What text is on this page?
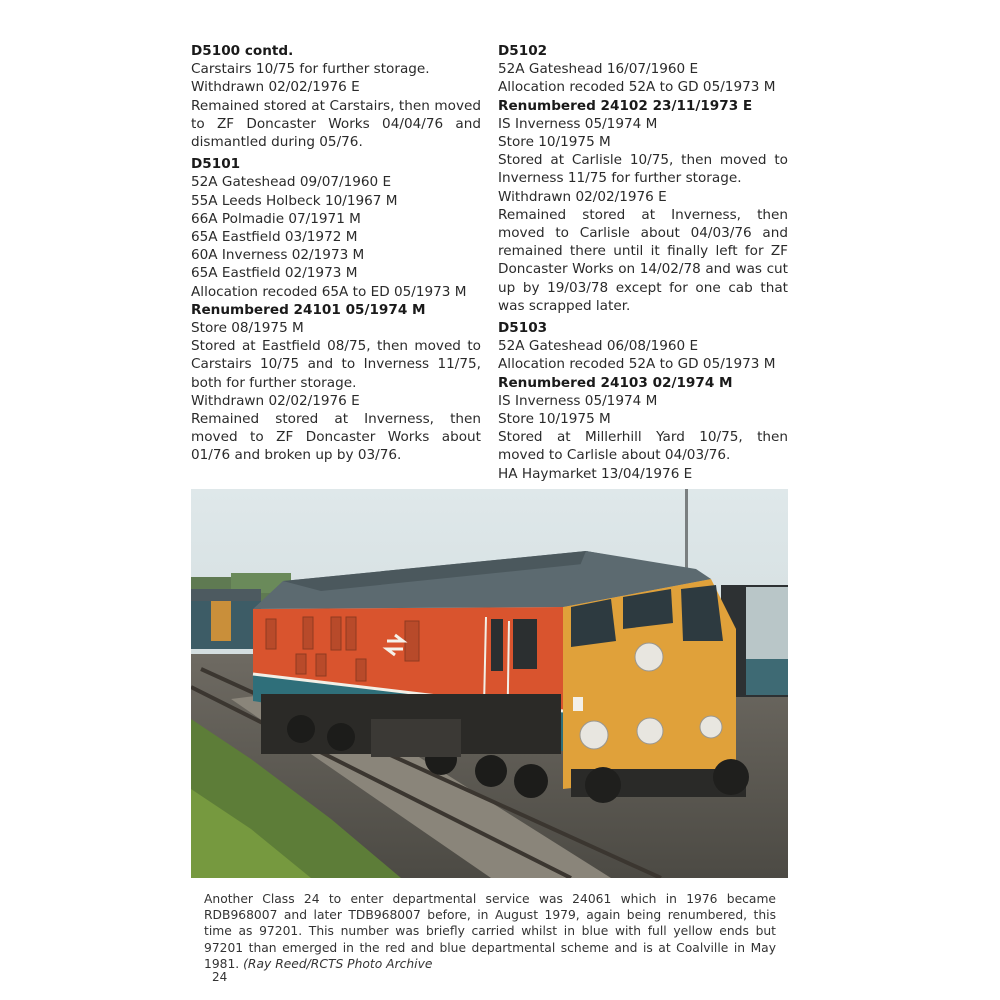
D5100 contd.
Carstairs 10/75 for further storage.
Withdrawn 02/02/1976 E
Remained stored at Carstairs, then moved to ZF Doncaster Works 04/04/76 and dismantled during 05/76.
D5101
52A Gateshead 09/07/1960 E
55A Leeds Holbeck 10/1967 M
66A Polmadie 07/1971 M
65A Eastfield 03/1972 M
60A Inverness 02/1973 M
65A Eastfield 02/1973 M
Allocation recoded 65A to ED 05/1973 M
Renumbered 24101 05/1974 M
Store 08/1975 M
Stored at Eastfield 08/75, then moved to Carstairs 10/75 and to Inverness 11/75, both for further storage.
Withdrawn 02/02/1976 E
Remained stored at Inverness, then moved to ZF Doncaster Works about 01/76 and broken up by 03/76.
D5102
52A Gateshead 16/07/1960 E
Allocation recoded 52A to GD 05/1973 M
Renumbered 24102 23/11/1973 E
IS Inverness 05/1974 M
Store 10/1975 M
Stored at Carlisle 10/75, then moved to Inverness 11/75 for further storage.
Withdrawn 02/02/1976 E
Remained stored at Inverness, then moved to Carlisle about 04/03/76 and remained there until it finally left for ZF Doncaster Works on 14/02/78 and was cut up by 19/03/78 except for one cab that was scrapped later.
D5103
52A Gateshead 06/08/1960 E
Allocation recoded 52A to GD 05/1973 M
Renumbered 24103 02/1974 M
IS Inverness 05/1974 M
Store 10/1975 M
Stored at Millerhill Yard 10/75, then moved to Carlisle about 04/03/76.
HA Haymarket 13/04/1976 E
Another Class 24 to enter departmental service was 24061 which in 1976 became RDB968007 and later TDB968007 before, in August 1979, again being renumbered, this time as 97201. This number was briefly carried whilst in blue with full yellow ends but 97201 than emerged in the red and blue departmental scheme and is at Coalville in May 1981. (Ray Reed/RCTS Photo Archive
24
